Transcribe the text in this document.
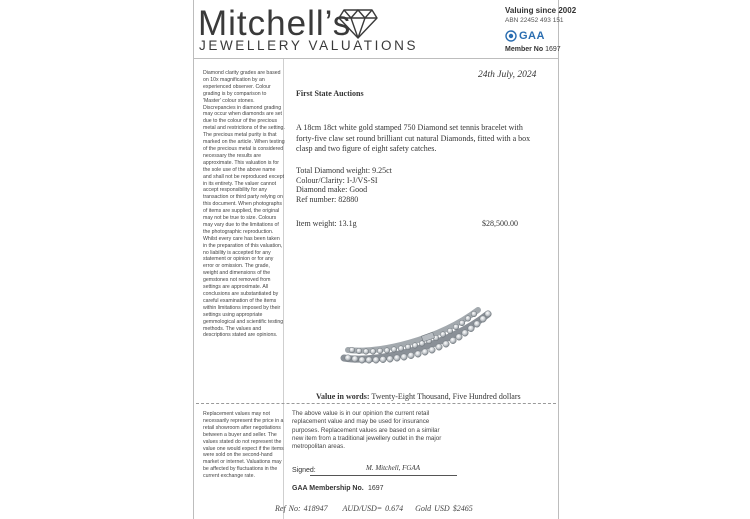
Mitchell’s
JEWELLERY VALUATIONS
Valuing since 2002
ABN 22452 493 151
GAA
Member No 1697
Diamond clarity grades are based on 10x magnification by an experienced observer. Colour grading is by comparison to 'Master' colour stones. Discrepancies in diamond grading may occur when diamonds are set due to the colour of the precious metal and restrictions of the setting. The precious metal purity is that marked on the article. When testing of the precious metal is considered necessary the results are approximate. This valuation is for the sole use of the above name and shall not be reproduced except in its entirety. The valuer cannot accept responsibility for any transaction or third party relying on this document. When photographs of items are supplied, the original may not be true to size. Colours may vary due to the limitations of the photographic reproduction. Whilst every care has been taken in the preparation of this valuation, no liability is accepted for any statement or opinion or for any error or omission. The grade, weight and dimensions of the gemstones not removed from settings are approximate. All conclusions are substantiated by careful examination of the items within limitations imposed by their settings using appropriate gemmological and scientific testing methods. The values and descriptions stated are opinions.
24th July, 2024
First State Auctions
A 18cm 18ct white gold stamped 750 Diamond set tennis bracelet with forty-five claw set round brilliant cut natural Diamonds, fitted with a box clasp and two figure of eight safety catches.
Total Diamond weight: 9.25ct
Colour/Clarity: I-J/VS-SI
Diamond make: Good
Ref number: 82880
Item weight: 13.1g	$28,500.00
Value in words: Twenty-Eight Thousand, Five Hundred dollars
Replacement values may not necessarily represent the price in a retail showroom after negotiations between a buyer and seller. The values stated do not represent the value one would expect if the items were sold on the second-hand market or internet. Valuations may be affected by fluctuations in the current exchange rate.
The above value is in our opinion the current retail replacement value and may be used for insurance purposes. Replacement values are based on a similar new item from a traditional jewellery outlet in the major metropolitan areas.
Signed:	M. Mitchell, FGAA
GAA Membership No. 1697
Ref No: 418947     AUD/USD= 0.674    Gold USD $2465
